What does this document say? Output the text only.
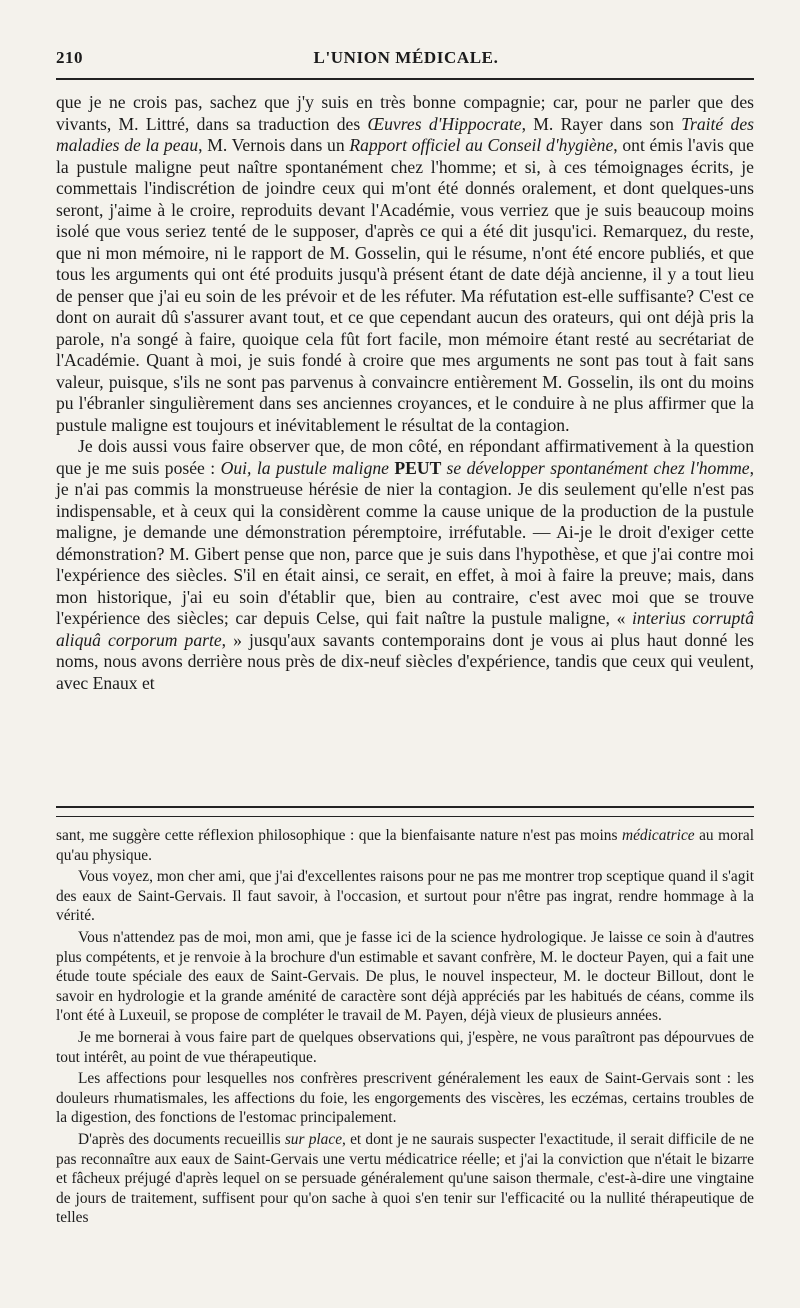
210	L'UNION MÉDICALE.

que je ne crois pas, sachez que j'y suis en très bonne compagnie; car, pour ne parler que des vivants, M. Littré, dans sa traduction des Œuvres d'Hippocrate, M. Rayer dans son Traité des maladies de la peau, M. Vernois dans un Rapport officiel au Conseil d'hygiène, ont émis l'avis que la pustule maligne peut naître spontanément chez l'homme; et si, à ces témoignages écrits, je commettais l'indiscrétion de joindre ceux qui m'ont été donnés oralement, et dont quelques-uns seront, j'aime à le croire, reproduits devant l'Académie, vous verriez que je suis beaucoup moins isolé que vous seriez tenté de le supposer, d'après ce qui a été dit jusqu'ici. Remarquez, du reste, que ni mon mémoire, ni le rapport de M. Gosselin, qui le résume, n'ont été encore publiés, et que tous les arguments qui ont été produits jusqu'à présent étant de date déjà ancienne, il y a tout lieu de penser que j'ai eu soin de les prévoir et de les réfuter. Ma réfutation est-elle suffisante? C'est ce dont on aurait dû s'assurer avant tout, et ce que cependant aucun des orateurs, qui ont déjà pris la parole, n'a songé à faire, quoique cela fût fort facile, mon mémoire étant resté au secrétariat de l'Académie. Quant à moi, je suis fondé à croire que mes arguments ne sont pas tout à fait sans valeur, puisque, s'ils ne sont pas parvenus à convaincre entièrement M. Gosselin, ils ont du moins pu l'ébranler singulièrement dans ses anciennes croyances, et le conduire à ne plus affirmer que la pustule maligne est toujours et inévitablement le résultat de la contagion.

Je dois aussi vous faire observer que, de mon côté, en répondant affirmativement à la question que je me suis posée : Oui, la pustule maligne PEUT se développer spontanément chez l'homme, je n'ai pas commis la monstrueuse hérésie de nier la contagion. Je dis seulement qu'elle n'est pas indispensable, et à ceux qui la considèrent comme la cause unique de la production de la pustule maligne, je demande une démonstration péremptoire, irréfutable. — Ai-je le droit d'exiger cette démonstration? M. Gibert pense que non, parce que je suis dans l'hypothèse, et que j'ai contre moi l'expérience des siècles. S'il en était ainsi, ce serait, en effet, à moi à faire la preuve; mais, dans mon historique, j'ai eu soin d'établir que, bien au contraire, c'est avec moi que se trouve l'expérience des siècles; car depuis Celse, qui fait naître la pustule maligne, « interius corruptâ aliquâ corporum parte, » jusqu'aux savants contemporains dont je vous ai plus haut donné les noms, nous avons derrière nous près de dix-neuf siècles d'expérience, tandis que ceux qui veulent, avec Enaux et

sant, me suggère cette réflexion philosophique : que la bienfaisante nature n'est pas moins médicatrice au moral qu'au physique.

Vous voyez, mon cher ami, que j'ai d'excellentes raisons pour ne pas me montrer trop sceptique quand il s'agit des eaux de Saint-Gervais. Il faut savoir, à l'occasion, et surtout pour n'être pas ingrat, rendre hommage à la vérité.

Vous n'attendez pas de moi, mon ami, que je fasse ici de la science hydrologique. Je laisse ce soin à d'autres plus compétents, et je renvoie à la brochure d'un estimable et savant confrère, M. le docteur Payen, qui a fait une étude toute spéciale des eaux de Saint-Gervais. De plus, le nouvel inspecteur, M. le docteur Billout, dont le savoir en hydrologie et la grande aménité de caractère sont déjà appréciés par les habitués de céans, comme ils l'ont été à Luxeuil, se propose de compléter le travail de M. Payen, déjà vieux de plusieurs années.

Je me bornerai à vous faire part de quelques observations qui, j'espère, ne vous paraîtront pas dépourvues de tout intérêt, au point de vue thérapeutique.

Les affections pour lesquelles nos confrères prescrivent généralement les eaux de Saint-Gervais sont : les douleurs rhumatismales, les affections du foie, les engorgements des viscères, les eczémas, certains troubles de la digestion, des fonctions de l'estomac principalement.

D'après des documents recueillis sur place, et dont je ne saurais suspecter l'exactitude, il serait difficile de ne pas reconnaître aux eaux de Saint-Gervais une vertu médicatrice réelle; et j'ai la conviction que n'était le bizarre et fâcheux préjugé d'après lequel on se persuade généralement qu'une saison thermale, c'est-à-dire une vingtaine de jours de traitement, suffisent pour qu'on sache à quoi s'en tenir sur l'efficacité ou la nullité thérapeutique de telles
